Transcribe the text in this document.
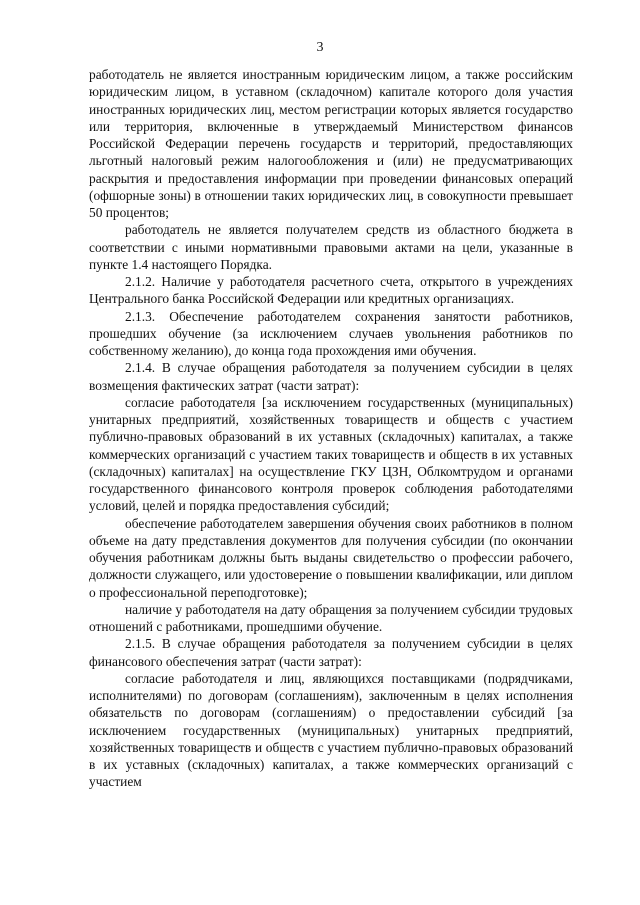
3

работодатель не является иностранным юридическим лицом, а также российским юридическим лицом, в уставном (складочном) капитале которого доля участия иностранных юридических лиц, местом регистрации которых является государство или территория, включенные в утверждаемый Министерством финансов Российской Федерации перечень государств и территорий, предоставляющих льготный налоговый режим налогообложения и (или) не предусматривающих раскрытия и предоставления информации при проведении финансовых операций (офшорные зоны) в отношении таких юридических лиц, в совокупности превышает 50 процентов;

работодатель не является получателем средств из областного бюджета в соответствии с иными нормативными правовыми актами на цели, указанные в пункте 1.4 настоящего Порядка.

2.1.2. Наличие у работодателя расчетного счета, открытого в учреждениях Центрального банка Российской Федерации или кредитных организациях.

2.1.3. Обеспечение работодателем сохранения занятости работников, прошедших обучение (за исключением случаев увольнения работников по собственному желанию), до конца года прохождения ими обучения.

2.1.4. В случае обращения работодателя за получением субсидии в целях возмещения фактических затрат (части затрат):

согласие работодателя [за исключением государственных (муниципальных) унитарных предприятий, хозяйственных товариществ и обществ с участием публично-правовых образований в их уставных (складочных) капиталах, а также коммерческих организаций с участием таких товариществ и обществ в их уставных (складочных) капиталах] на осуществление ГКУ ЦЗН, Облкомтрудом и органами государственного финансового контроля проверок соблюдения работодателями условий, целей и порядка предоставления субсидий;

обеспечение работодателем завершения обучения своих работников в полном объеме на дату представления документов для получения субсидии (по окончании обучения работникам должны быть выданы свидетельство о профессии рабочего, должности служащего, или удостоверение о повышении квалификации, или диплом о профессиональной переподготовке);

наличие у работодателя на дату обращения за получением субсидии трудовых отношений с работниками, прошедшими обучение.

2.1.5. В случае обращения работодателя за получением субсидии в целях финансового обеспечения затрат (части затрат):

согласие работодателя и лиц, являющихся поставщиками (подрядчиками, исполнителями) по договорам (соглашениям), заключенным в целях исполнения обязательств по договорам (соглашениям) о предоставлении субсидий [за исключением государственных (муниципальных) унитарных предприятий, хозяйственных товариществ и обществ с участием публично-правовых образований в их уставных (складочных) капиталах, а также коммерческих организаций с участием
